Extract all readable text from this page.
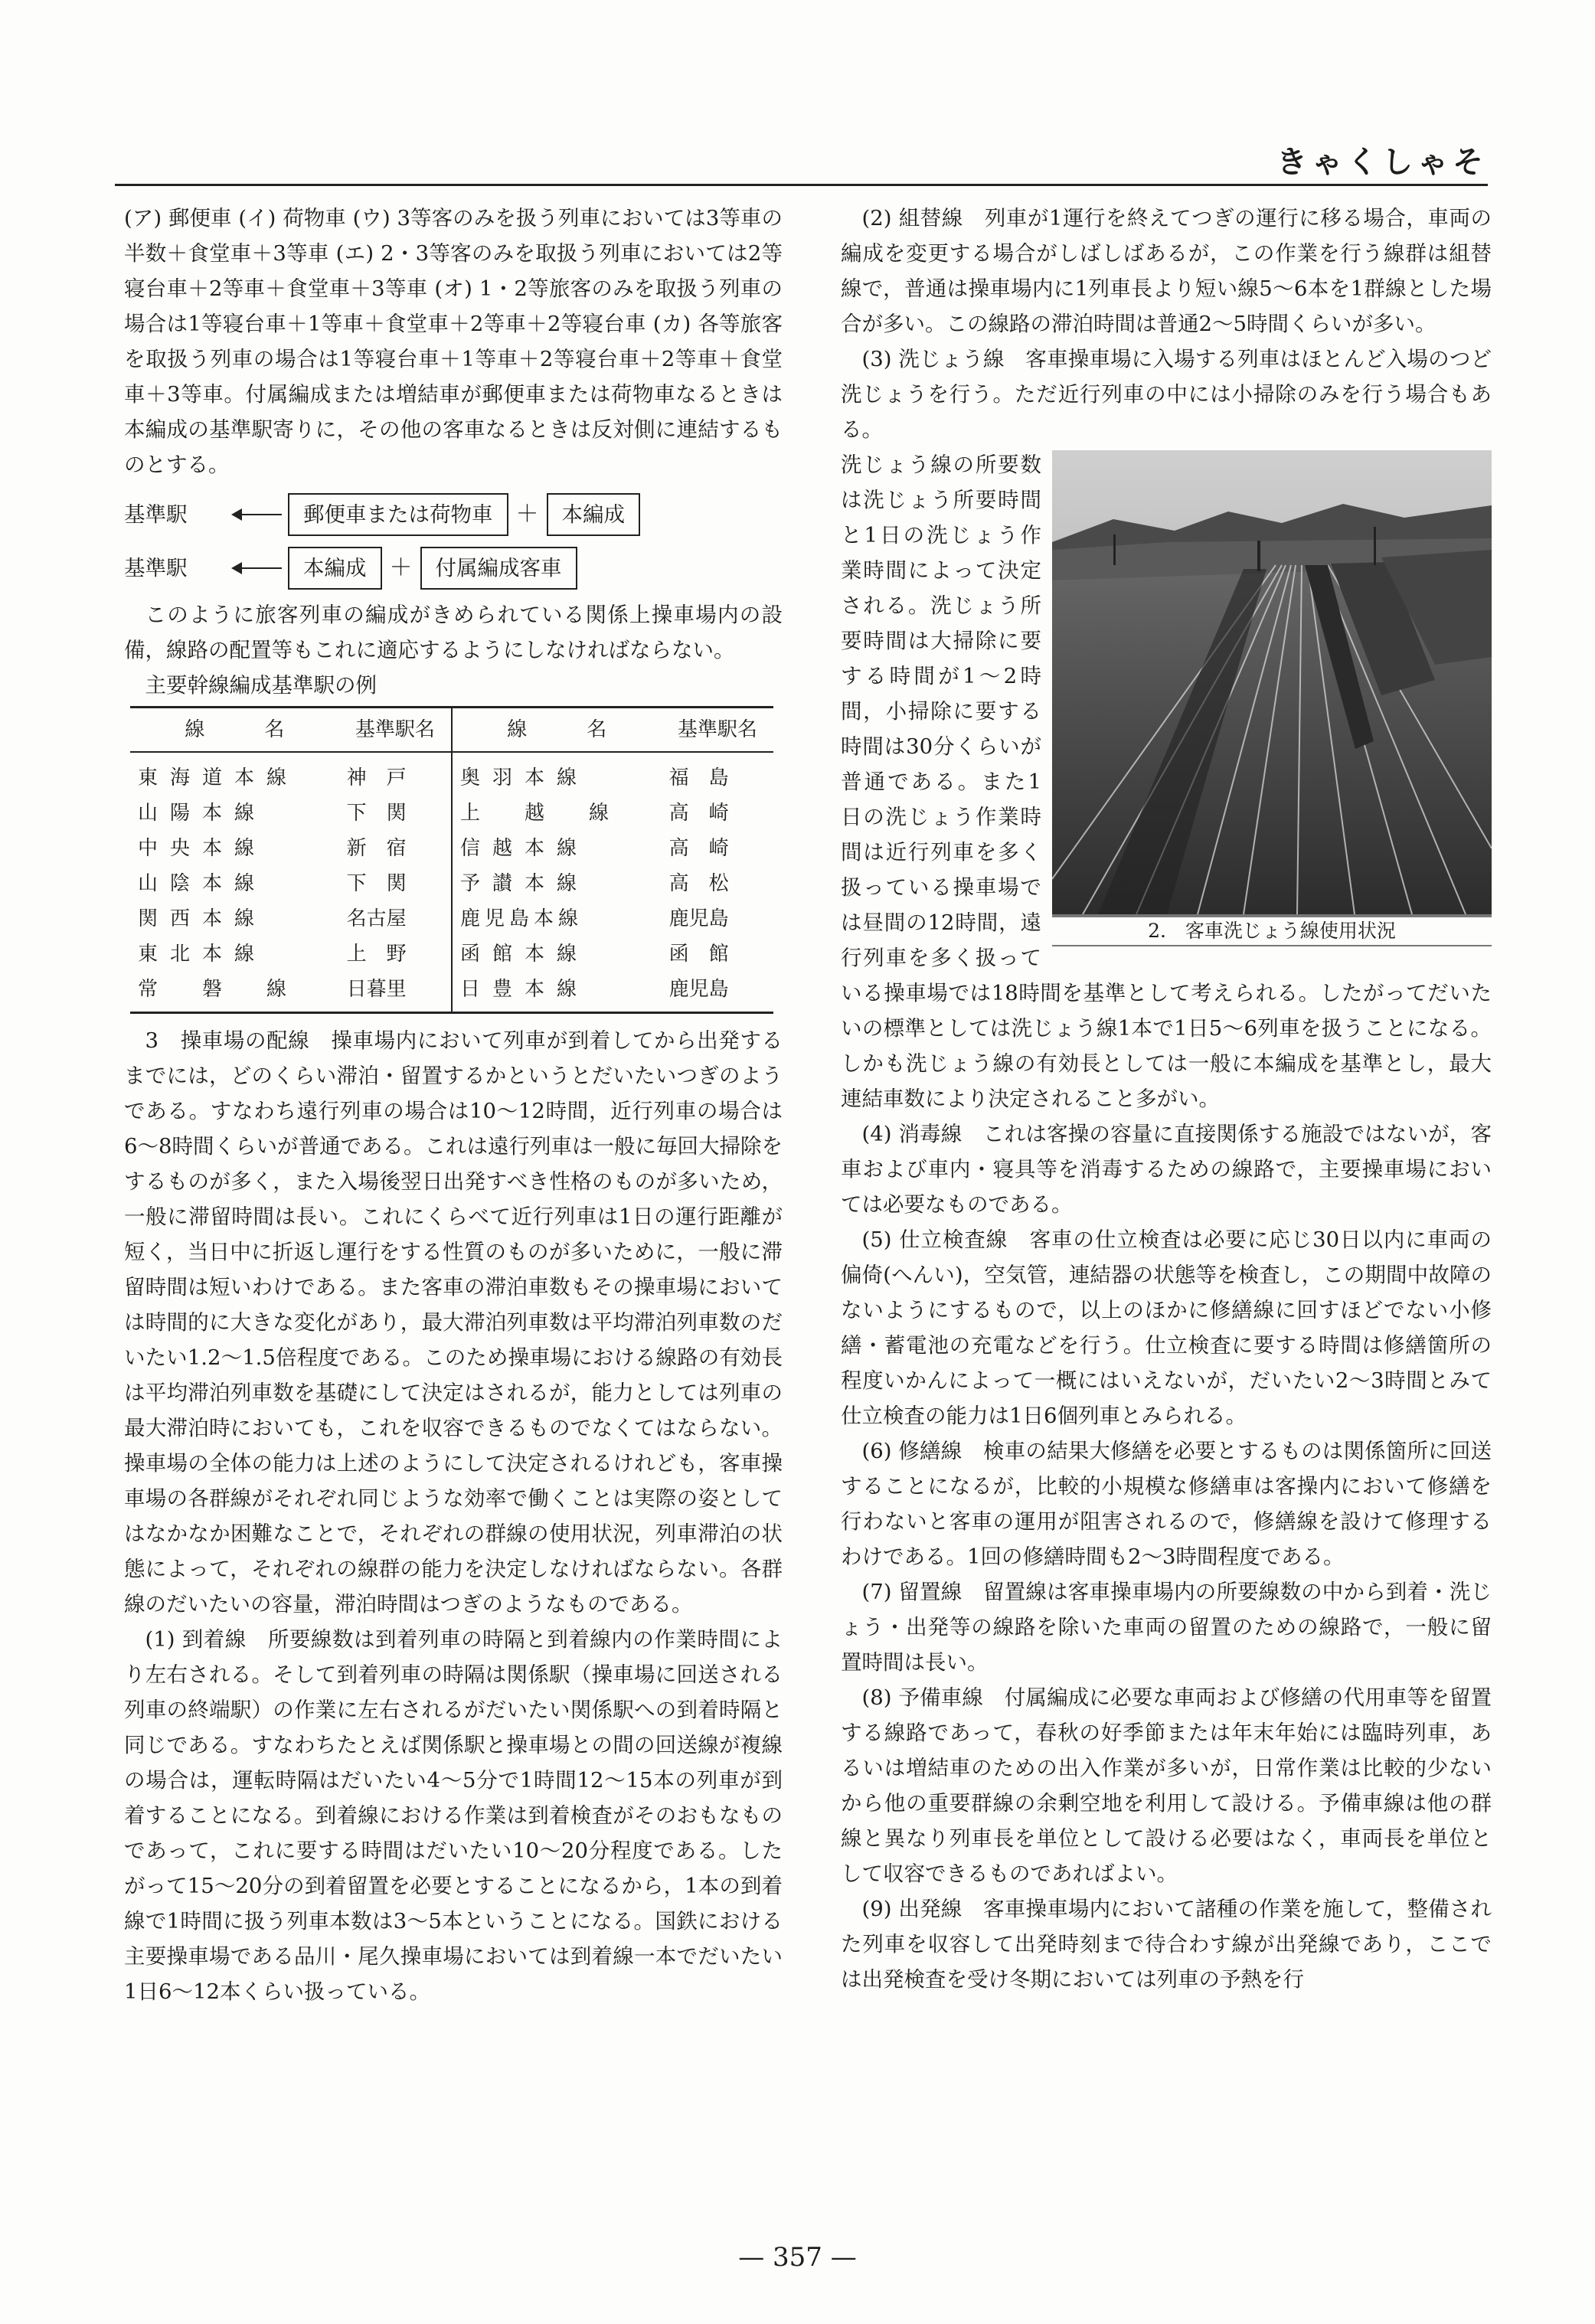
きゃくしゃそ

(ア) 郵便車 (イ) 荷物車 (ウ) 3等客のみを扱う列車においては3等車の半数＋食堂車＋3等車 (エ) 2・3等客のみを取扱う列車においては2等寝台車＋2等車＋食堂車＋3等車 (オ) 1・2等旅客のみを取扱う列車の場合は1等寝台車＋1等車＋食堂車＋2等車＋2等寝台車 (カ) 各等旅客を取扱う列車の場合は1等寝台車＋1等車＋2等寝台車＋2等車＋食堂車＋3等車。付属編成または増結車が郵便車または荷物車なるときは本編成の基準駅寄りに，その他の客車なるときは反対側に連結するものとする。

基準駅	郵便車または荷物車	＋	本編成
基準駅	本編成	＋	付属編成客車

このように旅客列車の編成がきめられている関係上操車場内の設備，線路の配置等もこれに適応するようにしなければならない。

主要幹線編成基準駅の例

線　　　名	基準駅名	線　　　名	基準駅名
東海道本線	神　戸	奥羽本線	福　島
山陽本線	下　関	上　越　線	高　崎
中央本線	新　宿	信越本線	高　崎
山陰本線	下　関	予讃本線	高　松
関西本線	名古屋	鹿児島本線	鹿児島
東北本線	上　野	函館本線	函　館
常　磐　線	日暮里	日豊本線	鹿児島

3　操車場の配線　操車場内において列車が到着してから出発するまでには，どのくらい滞泊・留置するかというとだいたいつぎのようである。すなわち遠行列車の場合は10〜12時間，近行列車の場合は6〜8時間くらいが普通である。これは遠行列車は一般に毎回大掃除をするものが多く，また入場後翌日出発すべき性格のものが多いため，一般に滞留時間は長い。これにくらべて近行列車は1日の運行距離が短く，当日中に折返し運行をする性質のものが多いために，一般に滞留時間は短いわけである。また客車の滞泊車数もその操車場においては時間的に大きな変化があり，最大滞泊列車数は平均滞泊列車数のだいたい1.2〜1.5倍程度である。このため操車場における線路の有効長は平均滞泊列車数を基礎にして決定はされるが，能力としては列車の最大滞泊時においても，これを収容できるものでなくてはならない。操車場の全体の能力は上述のようにして決定されるけれども，客車操車場の各群線がそれぞれ同じような効率で働くことは実際の姿としてはなかなか困難なことで，それぞれの群線の使用状況，列車滞泊の状態によって，それぞれの線群の能力を決定しなければならない。各群線のだいたいの容量，滞泊時間はつぎのようなものである。

(1) 到着線　所要線数は到着列車の時隔と到着線内の作業時間により左右される。そして到着列車の時隔は関係駅（操車場に回送される列車の終端駅）の作業に左右されるがだいたい関係駅への到着時隔と同じである。すなわちたとえば関係駅と操車場との間の回送線が複線の場合は，運転時隔はだいたい4〜5分で1時間12〜15本の列車が到着することになる。到着線における作業は到着検査がそのおもなものであって，これに要する時間はだいたい10〜20分程度である。したがって15〜20分の到着留置を必要とすることになるから，1本の到着線で1時間に扱う列車本数は3〜5本ということになる。国鉄における主要操車場である品川・尾久操車場においては到着線一本でだいたい1日6〜12本くらい扱っている。

(2) 組替線　列車が1運行を終えてつぎの運行に移る場合，車両の編成を変更する場合がしばしばあるが，この作業を行う線群は組替線で，普通は操車場内に1列車長より短い線5〜6本を1群線とした場合が多い。この線路の滞泊時間は普通2〜5時間くらいが多い。

(3) 洗じょう線　客車操車場に入場する列車はほとんど入場のつど洗じょうを行う。ただ近行列車の中には小掃除のみを行う場合もある。

2.　客車洗じょう線使用状況

洗じょう線の所要数は洗じょう所要時間と1日の洗じょう作業時間によって決定される。洗じょう所要時間は大掃除に要する時間が1〜2時間，小掃除に要する時間は30分くらいが普通である。また1日の洗じょう作業時間は近行列車を多く扱っている操車場では昼間の12時間，遠行列車を多く扱っている操車場では18時間を基準として考えられる。したがってだいたいの標準としては洗じょう線1本で1日5〜6列車を扱うことになる。しかも洗じょう線の有効長としては一般に本編成を基準とし，最大連結車数により決定されること多がい。

(4) 消毒線　これは客操の容量に直接関係する施設ではないが，客車および車内・寝具等を消毒するための線路で，主要操車場においては必要なものである。

(5) 仕立検査線　客車の仕立検査は必要に応じ30日以内に車両の偏倚(へんい)，空気管，連結器の状態等を検査し，この期間中故障のないようにするもので，以上のほかに修繕線に回すほどでない小修繕・蓄電池の充電などを行う。仕立検査に要する時間は修繕箇所の程度いかんによって一概にはいえないが，だいたい2〜3時間とみて仕立検査の能力は1日6個列車とみられる。

(6) 修繕線　検車の結果大修繕を必要とするものは関係箇所に回送することになるが，比較的小規模な修繕車は客操内において修繕を行わないと客車の運用が阻害されるので，修繕線を設けて修理するわけである。1回の修繕時間も2〜3時間程度である。

(7) 留置線　留置線は客車操車場内の所要線数の中から到着・洗じょう・出発等の線路を除いた車両の留置のための線路で，一般に留置時間は長い。

(8) 予備車線　付属編成に必要な車両および修繕の代用車等を留置する線路であって，春秋の好季節または年末年始には臨時列車，あるいは増結車のための出入作業が多いが，日常作業は比較的少ないから他の重要群線の余剰空地を利用して設ける。予備車線は他の群線と異なり列車長を単位として設ける必要はなく，車両長を単位として収容できるものであればよい。

(9) 出発線　客車操車場内において諸種の作業を施して，整備された列車を収容して出発時刻まで待合わす線が出発線であり，ここでは出発検査を受け冬期においては列車の予熱を行

— 357 —
